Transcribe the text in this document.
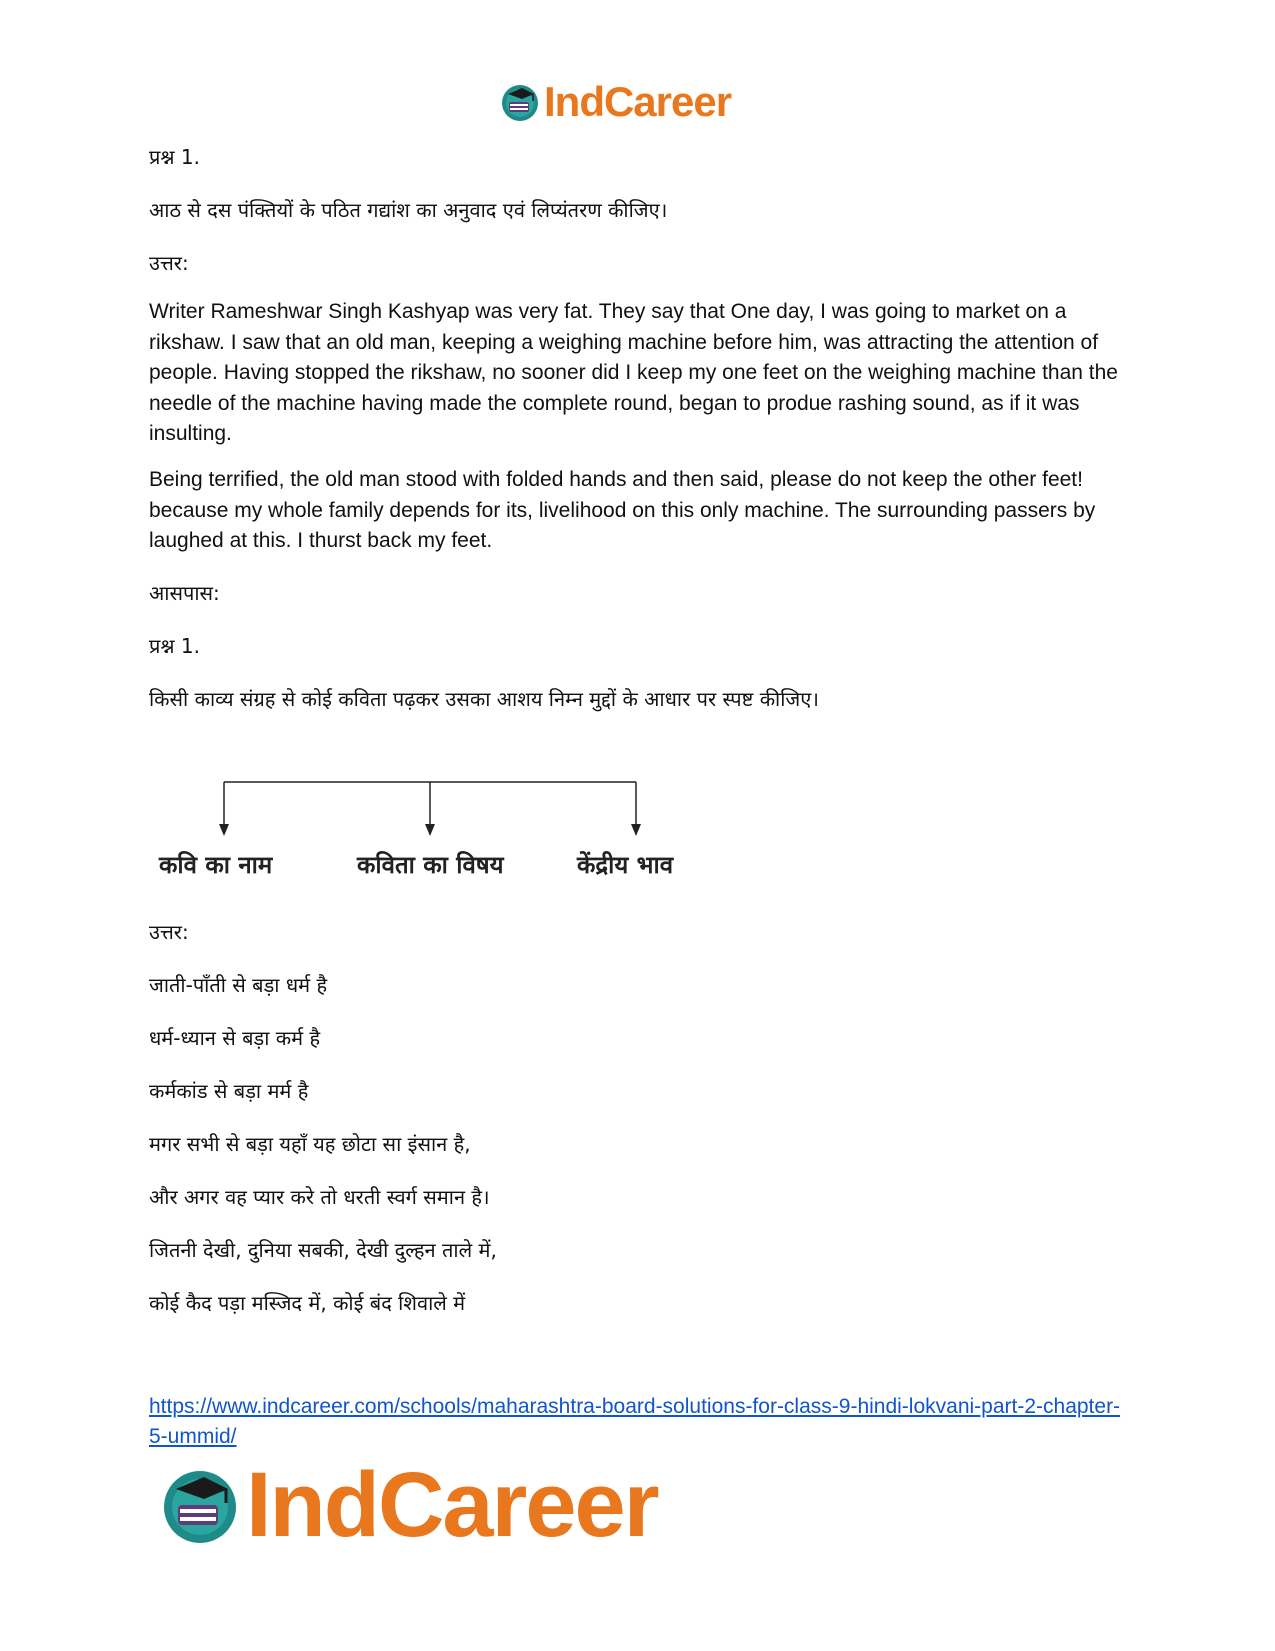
IndCareer
प्रश्न 1.
आठ से दस पंक्तियों के पठित गद्यांश का अनुवाद एवं लिप्यंतरण कीजिए।
उत्तर:
Writer Rameshwar Singh Kashyap was very fat. They say that One day, I was going to market on a rikshaw. I saw that an old man, keeping a weighing machine before him, was attracting the attention of people. Having stopped the rikshaw, no sooner did I keep my one feet on the weighing machine than the needle of the machine having made the complete round, began to produe rashing sound, as if it was insulting.
Being terrified, the old man stood with folded hands and then said, please do not keep the other feet! because my whole family depends for its, livelihood on this only machine. The surrounding passers by laughed at this. I thurst back my feet.
आसपास:
प्रश्न 1.
किसी काव्य संग्रह से कोई कविता पढ़कर उसका आशय निम्न मुद्दों के आधार पर स्पष्ट कीजिए।
उत्तर:
जाती-पाँती से बड़ा धर्म है
धर्म-ध्यान से बड़ा कर्म है
कर्मकांड से बड़ा मर्म है
मगर सभी से बड़ा यहाँ यह छोटा सा इंसान है,
और अगर वह प्यार करे तो धरती स्वर्ग समान है।
जितनी देखी, दुनिया सबकी, देखी दुल्हन ताले में,
कोई कैद पड़ा मस्जिद में, कोई बंद शिवाले में
कवि का नाम	कविता का विषय	केंद्रीय भाव
https://www.indcareer.com/schools/maharashtra-board-solutions-for-class-9-hindi-lokvani-part-2-chapter-5-ummid/
IndCareer
